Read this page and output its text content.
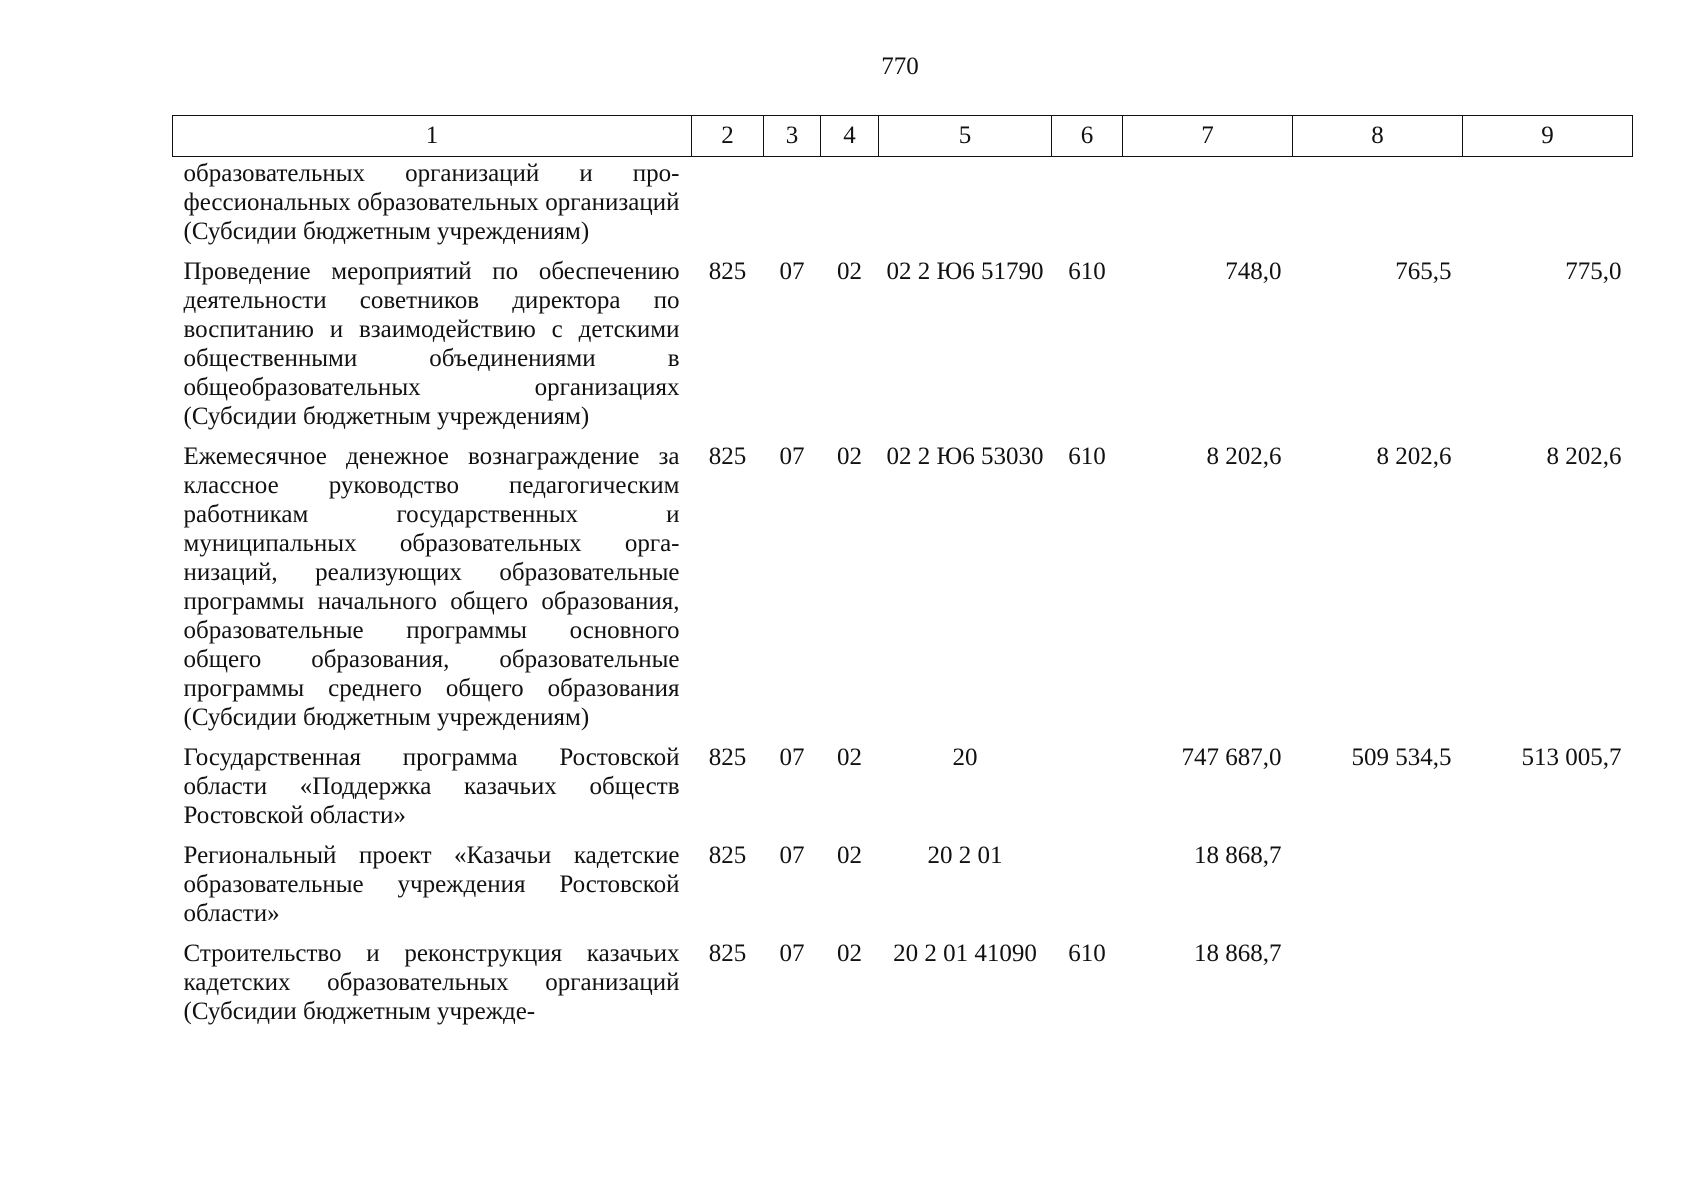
770
1	2	3	4	5	6	7	8	9
образовательных организаций и профессиональных образовательных организаций (Субсидии бюджетным учреждениям)								
Проведение мероприятий по обеспечению деятельности советников директора по воспитанию и взаимодействию с детскими общественными объединениями в общеобразовательных организациях (Субсидии бюджетным учреждениям)	825	07	02	02 2 Ю6 51790	610	748,0	765,5	775,0
Ежемесячное денежное вознаграждение за классное руководство педагогическим работникам государственных и муниципальных образовательных организаций, реализующих образовательные программы начального общего образования, образовательные программы основного общего образования, образовательные программы среднего общего образования (Субсидии бюджетным учреждениям)	825	07	02	02 2 Ю6 53030	610	8 202,6	8 202,6	8 202,6
Государственная программа Ростовской области «Поддержка казачьих обществ Ростовской области»	825	07	02	20		747 687,0	509 534,5	513 005,7
Региональный проект «Казачьи кадетские образовательные учреждения Ростовской области»	825	07	02	20 2 01		18 868,7		
Строительство и реконструкция казачьих кадетских образовательных организаций (Субсидии бюджетным учрежде-	825	07	02	20 2 01 41090	610	18 868,7		
